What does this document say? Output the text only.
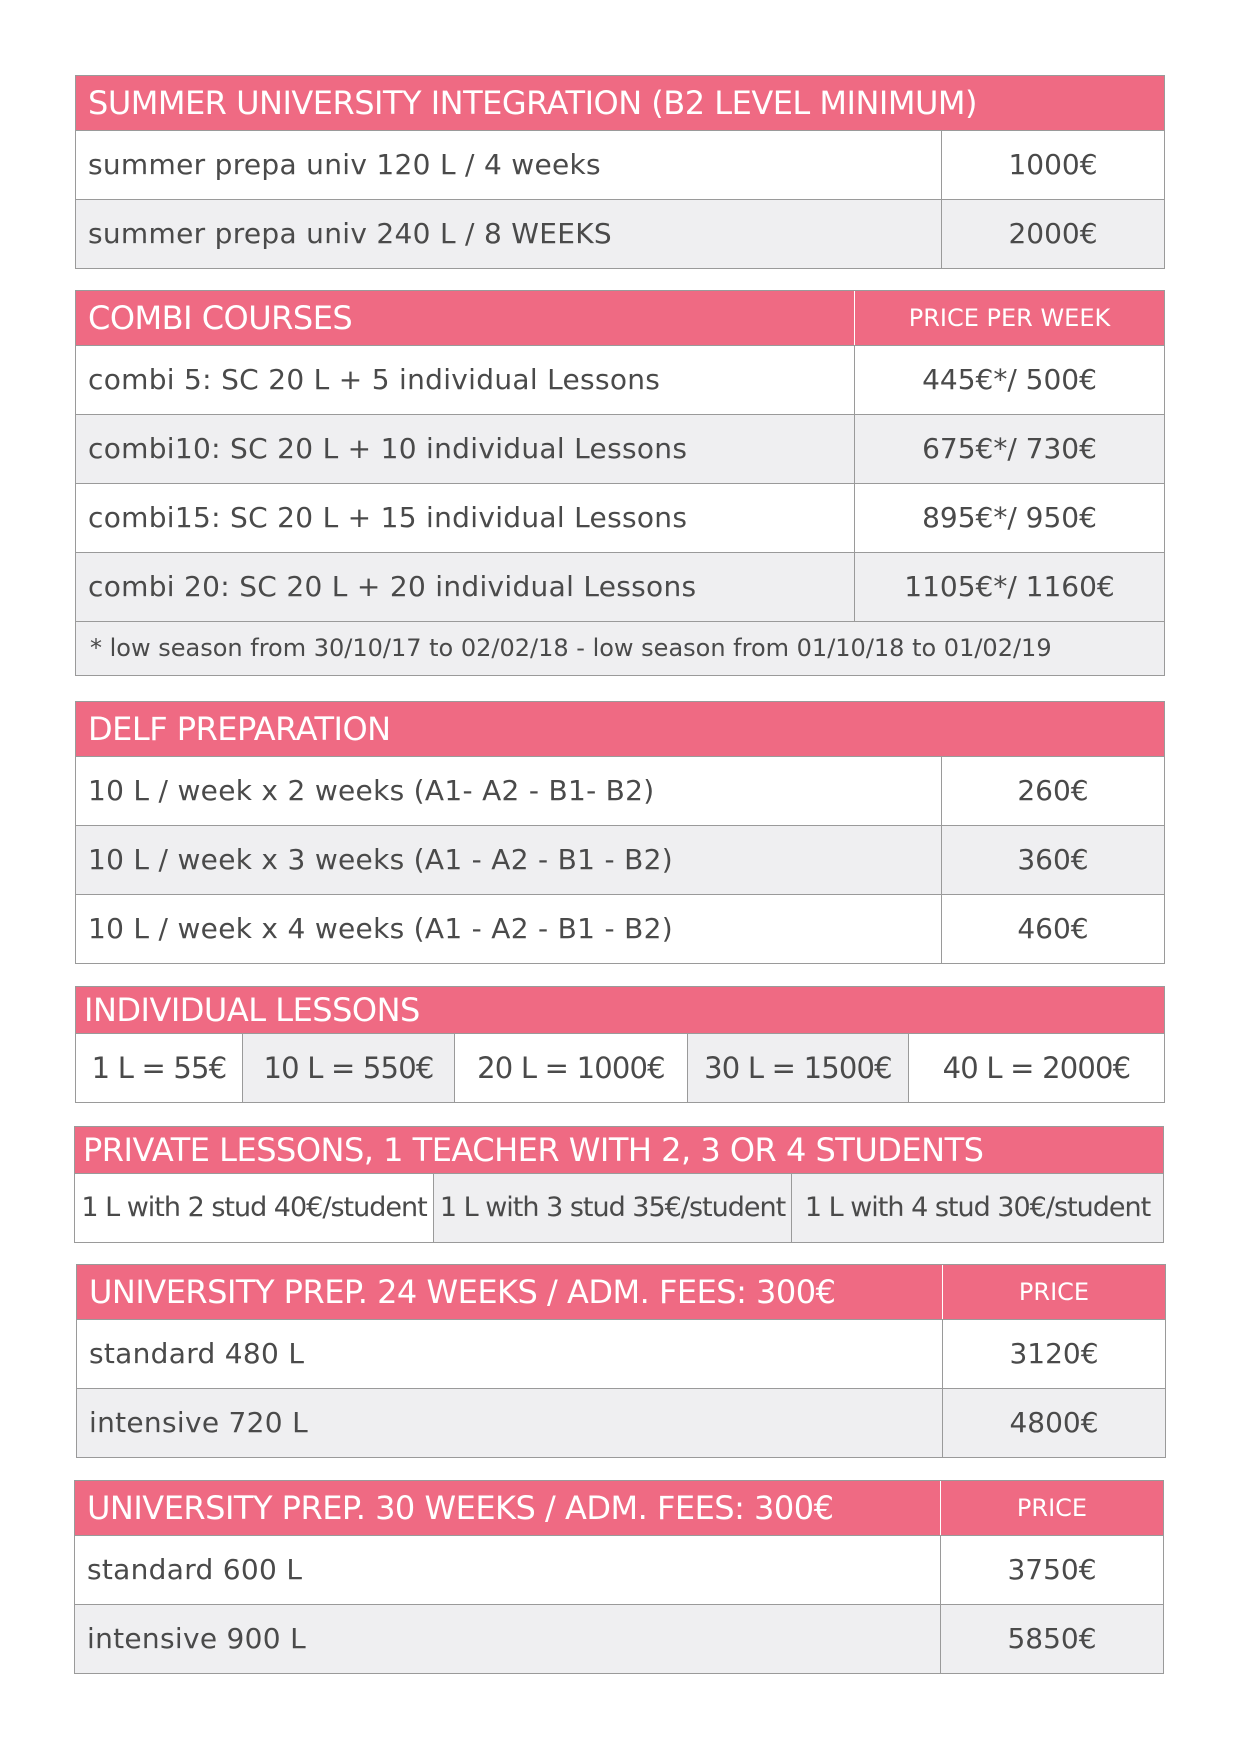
SUMMER UNIVERSITY INTEGRATION (B2 LEVEL MINIMUM)
summer prepa univ 120 L / 4 weeks	1000€
summer prepa univ 240 L / 8 WEEKS	2000€
COMBI COURSES	PRICE PER WEEK
combi 5: SC 20 L + 5 individual Lessons	445€*/ 500€
combi10: SC 20 L + 10 individual Lessons	675€*/ 730€
combi15: SC 20 L + 15 individual Lessons	895€*/ 950€
combi 20: SC 20 L + 20 individual Lessons	1105€*/ 1160€
* low season from 30/10/17 to 02/02/18 - low season from 01/10/18 to 01/02/19
DELF PREPARATION
10 L / week x 2 weeks (A1- A2 - B1- B2)	260€
10 L / week x 3 weeks (A1 - A2 - B1 - B2)	360€
10 L / week x 4 weeks (A1 - A2 - B1 - B2)	460€
INDIVIDUAL LESSONS
1 L = 55€	10 L = 550€	20 L = 1000€	30 L = 1500€	40 L = 2000€
PRIVATE LESSONS, 1 TEACHER WITH 2, 3 OR 4 STUDENTS
1 L with 2 stud 40€/student 1 L with 3 stud 35€/student 1 L with 4 stud 30€/student
UNIVERSITY PREP. 24 WEEKS / ADM. FEES: 300€	PRICE
standard 480 L	3120€
intensive 720 L	4800€
UNIVERSITY PREP. 30 WEEKS / ADM. FEES: 300€	PRICE
standard 600 L	3750€
intensive 900 L	5850€
